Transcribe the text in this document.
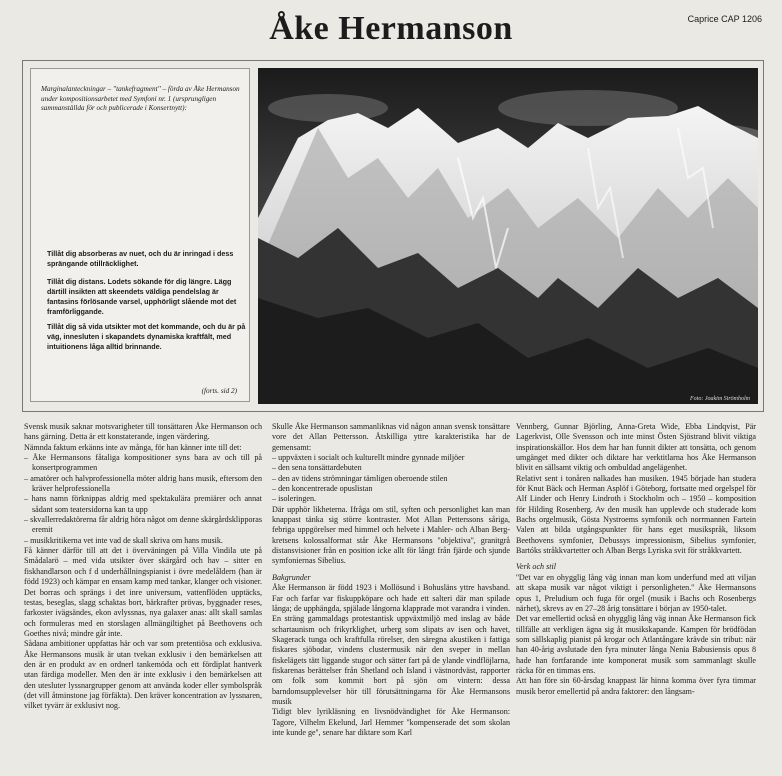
Åke Hermanson	Caprice CAP 1206
Marginalanteckningar – ''tankefragment'' – förda av Åke Hermanson under kompositionsarbetet med Symfoni nr. 1 (ursprungligen sammanställda för och publicerade i Konsertnytt):
Tillåt dig absorberas av nuet, och du är inringad i dess sprängande otillräcklighet.
Tillåt dig distans. Lodets sökande för dig längre. Lägg därtill insikten att skeendets väldiga pendelslag är fantasins förlösande varsel, upphörligt slående mot det framförliggande.
Tillåt dig så vida utsikter mot det kommande, och du är på väg, inneslutеn i skapandets dynamiska kraftfält, med intuitionens låga alltid brinnande.
(forts. sid 2)
Foto: Joakim Strömholm

Svensk musik saknar motsvarigheter till tonsättaren Åke Hermanson och hans gärning. Detta är ett konstaterande, ingen värdering.

Nämnda faktum erkänns inte av många, för han känner inte till det:

– Åke Hermansons fåtaliga kompositioner syns bara av och till på konsertprogrammen
– amatörer och halvprofessionella möter aldrig hans musik, eftersom den kräver helprofessionella
– hans namn förknippas aldrig med spektakulära premiärer och annat sådant som teatersidorna kan ta upp
– skvallerredaktörerna får aldrig höra något om denne skärgårdsklipporas eremit
– musikkritikerna vet inte vad de skall skriva om hans musik.

Få känner därför till att det i överväningen på Villa Vindila ute på Smådalarö – med vida utsikter över skärgård och hav – sitter en fiskhandlarson och f d underhållningspianist i övre medelåldern (han är född 1923) och kämpar en ensam kamp med tankar, klanger och visioner. Det borras och sprängs i det inre universum, vattenflöden upptäcks, testas, beseglas, slagg schaktas bort, bärkrafter prövas, byggnader reses, farkoster ivägsändes, ekon avlyssnas, nya galaxer anas: allt skall samlas och formuleras med en storslagen allmängiltighet på Beethovens och Goethes nivå; mindre går inte.

Sådana ambitioner uppfattas här och var som pretentiösa och exklusiva. Åke Hermansons musik är utan tvekan exklusiv i den bemärkelsen att den är en produkt av en ordnerl tankemöda och ett fördiplat hantverk utan färdiga modeller. Men den är inte exklusiv i den bemärkelsen att den utesluter lyssnargrupper genom att använda koder eller symbolspråk (det vill åtminstone jag förfäkta). Den kräver koncentration av lyssnaren, vilket tyvärr är exklusivt nog.

Skulle Åke Hermanson sammanliknas vid någon annan svensk tonsättare vore det Allan Pettersson. Åtskilliga yttre karakteristika har de gemensamt:

– uppväxten i socialt och kulturellt mindre gynnade miljöer
– den sena tonsättardebuten
– den av tidens strömningar tämligen oberoende stilen
– den koncentrerade opuslistan
– isoleringen.

Där upphör likheterna. Ifråga om stil, syften och personlighet kan man knappast tänka sig större kontraster. Mot Allan Petterssons såriga, febriga uppgörelser med himmel och helvete i Mahler- och Alban Berg-kretsens kolossalformat står Åke Hermansons ''objektiva'', granitgrå distansvisioner från en position icke allt för långt från fjärde och sjunde symfoniernas Sibelius.

Bakgrunder

Åke Hermanson är född 1923 i Mollösund i Bohusläns yttre havsband. Far och farfar var fiskuppköpare och hade ett salteri där man spilade långa; de upphängda, spjälade långorna klapprade mot varandra i vinden. En sträng gammaldags protestantisk uppväxtmiljö med inslag av både schartaunism och frikyrklighet, urberg som slipats av isen och havet, Skagerack tunga och kraftfulla rörelser, den säregna akustiken i fattiga fiskares sjöbodar, vindens clustermusik när den sveper in mellan fiskelägets tätt liggande stugor och sätter fart på de ylande vindflöjlarna, fiskarenas berättelser från Shetland och Island i västnordväst, rapporter om folk som kommit bort på sjön om vintern: dessa barndomsupplevelser hör till förutsättningarna för Åke Hermansons musik

Tidigt blev lyrikläsning en livsnödvändighet för Åke Hermanson: Tagore, Vilhelm Ekelund, Jarl Hemmer ''kompenserade det som skolan inte kunde ge'', senare har diktare som Karl

Vennberg, Gunnar Björling, Anna-Greta Wide, Ebba Lindqvist, Pär Lagerkvist, Olle Svensson och inte minst Östen Sjöstrand blivit viktiga inspirationskällor. Hos dem har han funnit dikter att tonsätta, och genom umgänget med dikter och diktare har verktitlarna hos Åke Hermanson blivit en sällsamt viktig och ombuldad angelägenhet.

Relativt sent i tonåren nalkades han musiken. 1945 började han studera för Knut Bäck och Herman Asplöf i Göteborg, fortsatte med orgelspel för Alf Linder och Henry Lindroth i Stockholm och – 1950 – komposition för Hilding Rosenberg. Av den musik han upplevde och studerade kom Bachs orgelmusik, Gösta Nystroems symfonik och norrmannen Fartein Valen att bilda utgångspunkter för hans eget musikspråk, liksom Beethovens symfonier, Debussys impressionism, Sibelius symfonier, Bartóks stråkkvartetter och Alban Bergs Lyriska svit för stråkkvartett.

Verk och stil

''Det var en ohygglig lång väg innan man kom underfund med att viljan att skapa musik var något viktigt i personligheten.'' Åke Hermansons opus 1, Preludium och fuga för orgel (musik i Bachs och Rosenbergs närhet), skrevs av en 27–28 årig tonsättare i början av 1950-talet.

Det var emellertid också en ohygglig lång väg innan Åke Hermanson fick tillfälle att verkligen ägna sig åt musikskapande. Kampen för brödfödan som sällskaplig pianist på krogar och Atlantångare krävde sin tribut: när han 40-årig avslutade den fyra minuter långa Nenia Babusiensis opus 8 hade han fortfarande inte komponerat musik som sammanlagt skulle räcka för en timmas ens.

Att han före sin 60-årsdag knappast lär hinna komma över fyra timmar musik beror emellertid på andra faktorer: den långsam-
